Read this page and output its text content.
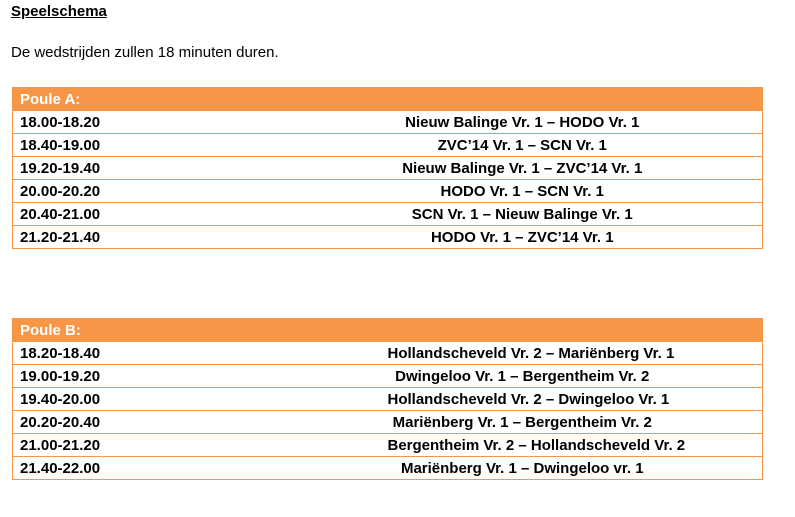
Speelschema

De wedstrijden zullen 18 minuten duren.

Poule A:	
18.00-18.20	Nieuw Balinge Vr. 1 – HODO Vr. 1
18.40-19.00	ZVC’14 Vr. 1 – SCN Vr. 1
19.20-19.40	Nieuw Balinge Vr. 1 – ZVC’14 Vr. 1
20.00-20.20	HODO Vr. 1 – SCN Vr. 1
20.40-21.00	SCN Vr. 1 – Nieuw Balinge Vr. 1
21.20-21.40	HODO Vr. 1 – ZVC’14 Vr. 1
Poule B:	
18.20-18.40	Hollandscheveld Vr. 2 – Mariënberg Vr. 1
19.00-19.20	Dwingeloo Vr. 1 – Bergentheim Vr. 2
19.40-20.00	Hollandscheveld Vr. 2 – Dwingeloo Vr. 1
20.20-20.40	Mariënberg Vr. 1 – Bergentheim Vr. 2
21.00-21.20	Bergentheim Vr. 2 – Hollandscheveld Vr. 2
21.40-22.00	Mariënberg Vr. 1 – Dwingeloo vr. 1
